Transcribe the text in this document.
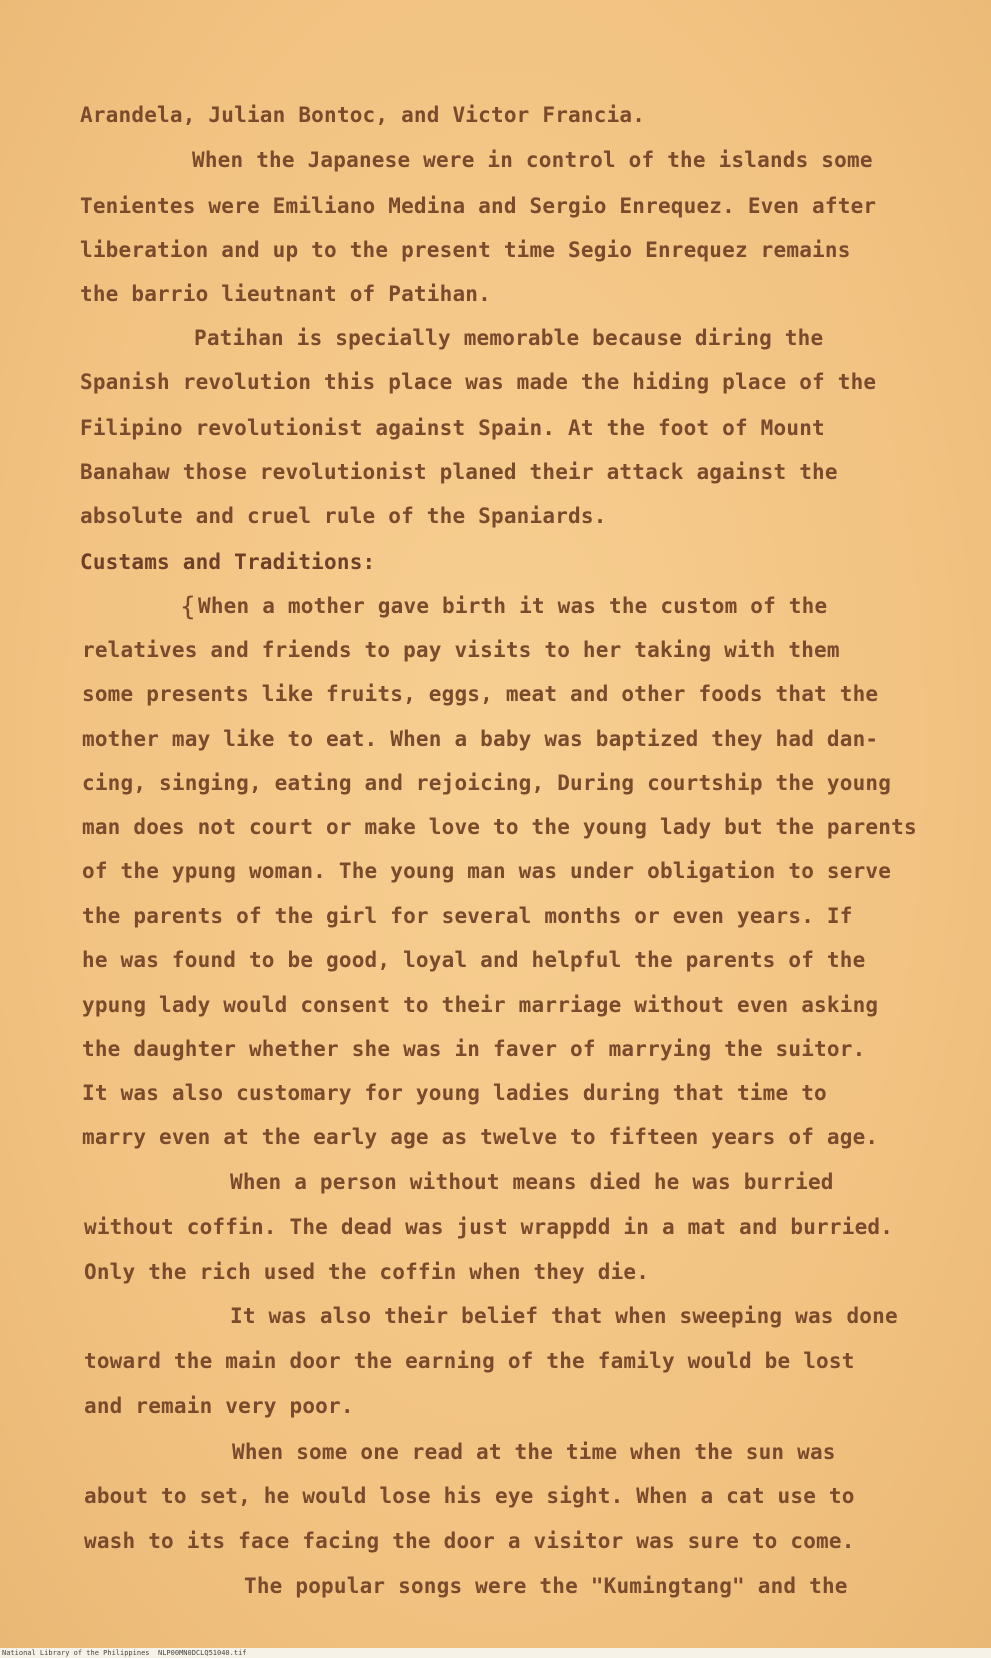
Arandela, Julian Bontoc, and Victor Francia.
When the Japanese were in control of the islands some
Tenientes were Emiliano Medina and Sergio Enrequez. Even after
liberation and up to the present time Segio Enrequez remains
the barrio lieutnant of Patihan.
Patihan is specially memorable because diring the
Spanish revolution this place was made the hiding place of the
Filipino revolutionist against Spain. At the foot of Mount
Banahaw those revolutionist planed their attack against the
absolute and cruel rule of the Spaniards.
Custams and Traditions:
{ When a mother gave birth it was the custom of the
relatives and friends to pay visits to her taking with them
some presents like fruits, eggs, meat and other foods that the
mother may like to eat. When a baby was baptized they had dan-
cing, singing, eating and rejoicing, During courtship the young
man does not court or make love to the young lady but the parents
of the ypung woman. The young man was under obligation to serve
the parents of the girl for several months or even years. If
he was found to be good, loyal and helpful the parents of the
ypung lady would consent to their marriage without even asking
the daughter whether she was in faver of marrying the suitor.
It was also customary for young ladies during that time to
marry even at the early age as twelve to fifteen years of age.
When a person without means died he was burried
without coffin. The dead was just wrappdd in a mat and burried.
Only the rich used the coffin when they die.
It was also their belief that when sweeping was done
toward the main door the earning of the family would be lost
and remain very poor.
When some one read at the time when the sun was
about to set, he would lose his eye sight. When a cat use to
wash to its face facing the door a visitor was sure to come.
The popular songs were the "Kumingtang" and the
National Library of the Philippines NLP00MN0DCLQ51040.tif
